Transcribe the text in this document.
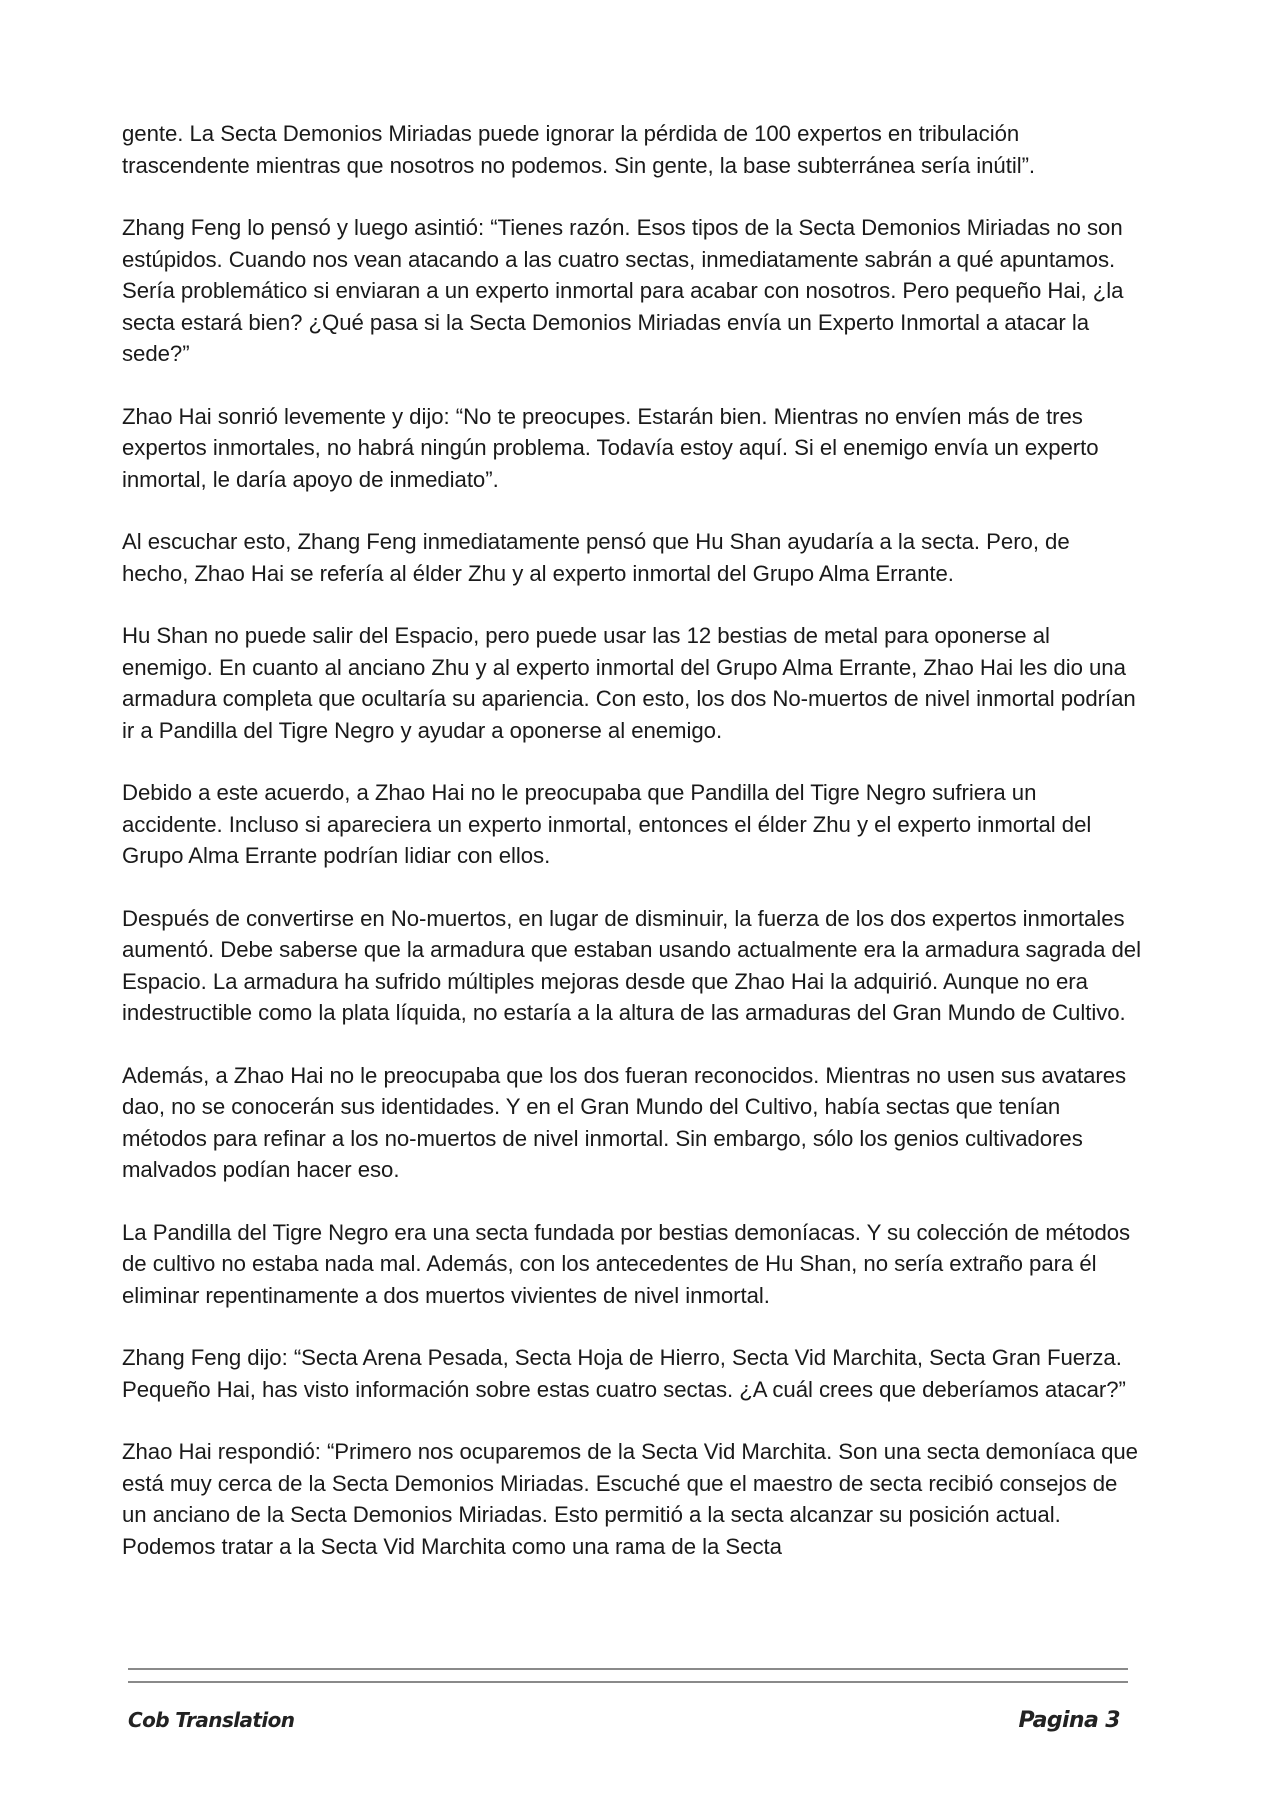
gente. La Secta Demonios Miriadas puede ignorar la pérdida de 100 expertos en tribulación trascendente mientras que nosotros no podemos. Sin gente, la base subterránea sería inútil”.

Zhang Feng lo pensó y luego asintió: “Tienes razón. Esos tipos de la Secta Demonios Miriadas no son estúpidos. Cuando nos vean atacando a las cuatro sectas, inmediatamente sabrán a qué apuntamos. Sería problemático si enviaran a un experto inmortal para acabar con nosotros. Pero pequeño Hai, ¿la secta estará bien? ¿Qué pasa si la Secta Demonios Miriadas envía un Experto Inmortal a atacar la sede?”

Zhao Hai sonrió levemente y dijo: “No te preocupes. Estarán bien. Mientras no envíen más de tres expertos inmortales, no habrá ningún problema. Todavía estoy aquí. Si el enemigo envía un experto inmortal, le daría apoyo de inmediato”.

Al escuchar esto, Zhang Feng inmediatamente pensó que Hu Shan ayudaría a la secta. Pero, de hecho, Zhao Hai se refería al élder Zhu y al experto inmortal del Grupo Alma Errante.

Hu Shan no puede salir del Espacio, pero puede usar las 12 bestias de metal para oponerse al enemigo. En cuanto al anciano Zhu y al experto inmortal del Grupo Alma Errante, Zhao Hai les dio una armadura completa que ocultaría su apariencia. Con esto, los dos No-muertos de nivel inmortal podrían ir a Pandilla del Tigre Negro y ayudar a oponerse al enemigo.

Debido a este acuerdo, a Zhao Hai no le preocupaba que Pandilla del Tigre Negro sufriera un accidente. Incluso si apareciera un experto inmortal, entonces el élder Zhu y el experto inmortal del Grupo Alma Errante podrían lidiar con ellos.

Después de convertirse en No-muertos, en lugar de disminuir, la fuerza de los dos expertos inmortales aumentó. Debe saberse que la armadura que estaban usando actualmente era la armadura sagrada del Espacio. La armadura ha sufrido múltiples mejoras desde que Zhao Hai la adquirió. Aunque no era indestructible como la plata líquida, no estaría a la altura de las armaduras del Gran Mundo de Cultivo.

Además, a Zhao Hai no le preocupaba que los dos fueran reconocidos. Mientras no usen sus avatares dao, no se conocerán sus identidades. Y en el Gran Mundo del Cultivo, había sectas que tenían métodos para refinar a los no-muertos de nivel inmortal. Sin embargo, sólo los genios cultivadores malvados podían hacer eso.

La Pandilla del Tigre Negro era una secta fundada por bestias demoníacas. Y su colección de métodos de cultivo no estaba nada mal. Además, con los antecedentes de Hu Shan, no sería extraño para él eliminar repentinamente a dos muertos vivientes de nivel inmortal.

Zhang Feng dijo: “Secta Arena Pesada, Secta Hoja de Hierro, Secta Vid Marchita, Secta Gran Fuerza. Pequeño Hai, has visto información sobre estas cuatro sectas. ¿A cuál crees que deberíamos atacar?”

Zhao Hai respondió: “Primero nos ocuparemos de la Secta Vid Marchita. Son una secta demoníaca que está muy cerca de la Secta Demonios Miriadas. Escuché que el maestro de secta recibió consejos de un anciano de la Secta Demonios Miriadas. Esto permitió a la secta alcanzar su posición actual. Podemos tratar a la Secta Vid Marchita como una rama de la Secta

Cob Translation	Pagina 3
